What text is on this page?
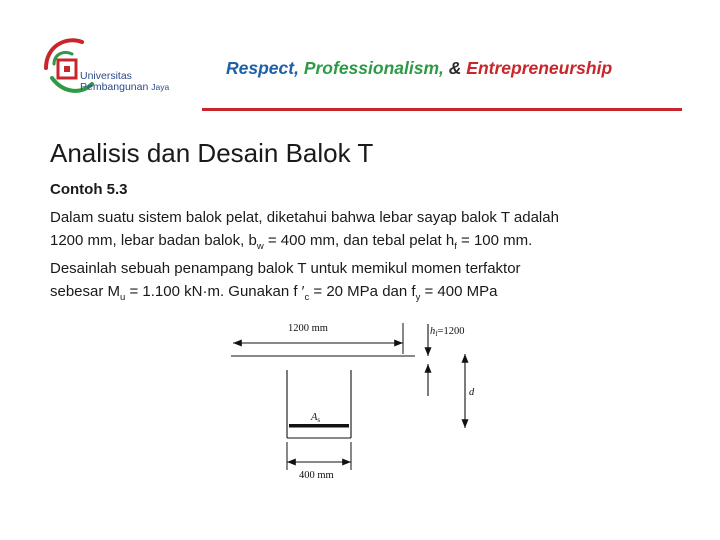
Universitas
Pembangunan Jaya
Respect, Professionalism, & Entrepreneurship
Analisis dan Desain Balok T
Contoh 5.3
Dalam suatu sistem balok pelat, diketahui bahwa lebar sayap balok T adalah
1200 mm, lebar badan balok, $b_w = 400$ mm, dan tebal pelat $h_f = 100$ mm.
Desainlah sebuah penampang balok T untuk memikul momen terfaktor
sebesar $M_u = 1.100$ kN·m. Gunakan f $'_c = 20$ MPa dan $f_y = 400$ MPa
1200 mm
As
hf=1200
d
400 mm
